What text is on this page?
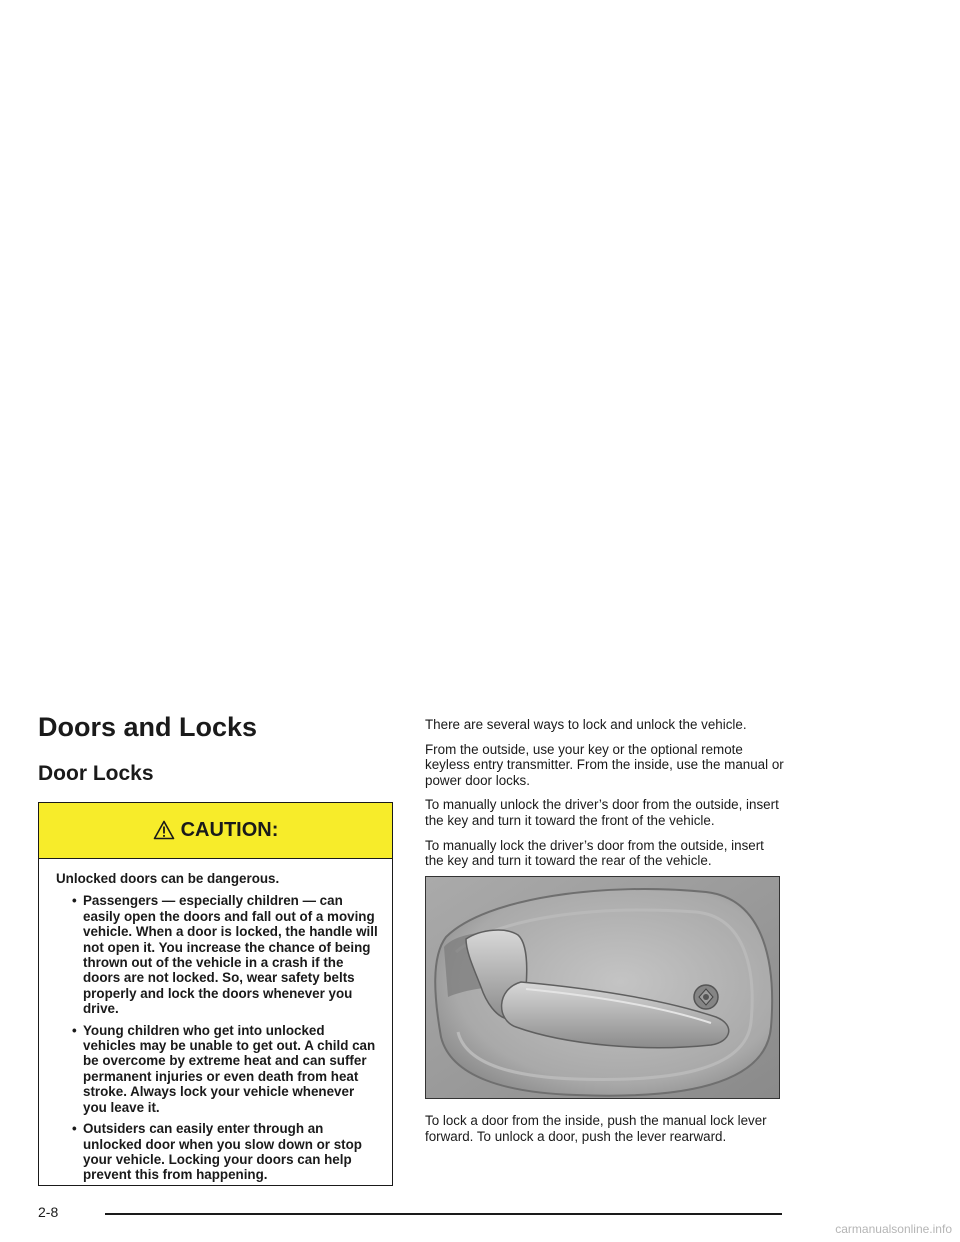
Doors and Locks
Door Locks
CAUTION:

Unlocked doors can be dangerous.

• Passengers — especially children — can easily open the doors and fall out of a moving vehicle. When a door is locked, the handle will not open it. You increase the chance of being thrown out of the vehicle in a crash if the doors are not locked. So, wear safety belts properly and lock the doors whenever you drive.
• Young children who get into unlocked vehicles may be unable to get out. A child can be overcome by extreme heat and can suffer permanent injuries or even death from heat stroke. Always lock your vehicle whenever you leave it.
• Outsiders can easily enter through an unlocked door when you slow down or stop your vehicle. Locking your doors can help prevent this from happening.

There are several ways to lock and unlock the vehicle.

From the outside, use your key or the optional remote keyless entry transmitter. From the inside, use the manual or power door locks.

To manually unlock the driver’s door from the outside, insert the key and turn it toward the front of the vehicle.

To manually lock the driver’s door from the outside, insert the key and turn it toward the rear of the vehicle.

To lock a door from the inside, push the manual lock lever forward. To unlock a door, push the lever rearward.

2-8
carmanualsonline.info
